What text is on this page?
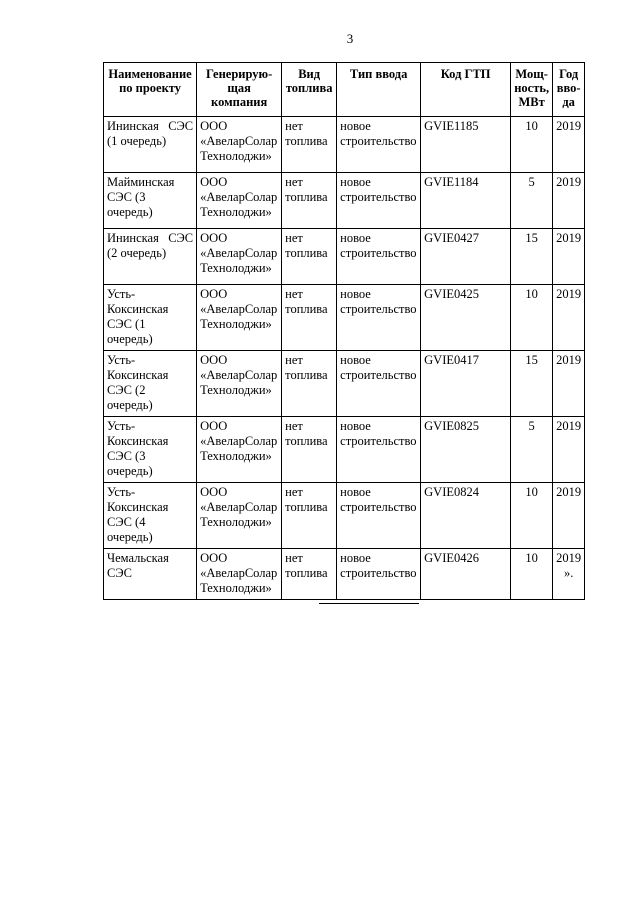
3
Наименование
по проекту	Генерирую-
щая
компания	Вид
топлива	Тип ввода	Код ГТП	Мощ-
ность,
МВт	Год
вво-
да

Ининская   СЭС
(1 очередь)	ООО
«АвеларСолар
Технолоджи»	нет
топлива	новое
строительство	GVIE1185	10	2019

Майминская
СЭС (3 очередь)	ООО
«АвеларСолар
Технолоджи»	нет
топлива	новое
строительство	GVIE1184	5	2019

Ининская   СЭС
(2 очередь)	ООО
«АвеларСолар
Технолоджи»	нет
топлива	новое
строительство	GVIE0427	15	2019

Усть-
Коксинская
СЭС (1 очередь)	ООО
«АвеларСолар
Технолоджи»	нет
топлива	новое
строительство	GVIE0425	10	2019

Усть-
Коксинская
СЭС (2 очередь)	ООО
«АвеларСолар
Технолоджи»	нет
топлива	новое
строительство	GVIE0417	15	2019

Усть-
Коксинская
СЭС (3 очередь)	ООО
«АвеларСолар
Технолоджи»	нет
топлива	новое
строительство	GVIE0825	5	2019

Усть-
Коксинская
СЭС (4 очередь)	ООО
«АвеларСолар
Технолоджи»	нет
топлива	новое
строительство	GVIE0824	10	2019

Чемальская
СЭС	ООО
«АвеларСолар
Технолоджи»	нет
топлива	новое
строительство	GVIE0426	10	2019
».
